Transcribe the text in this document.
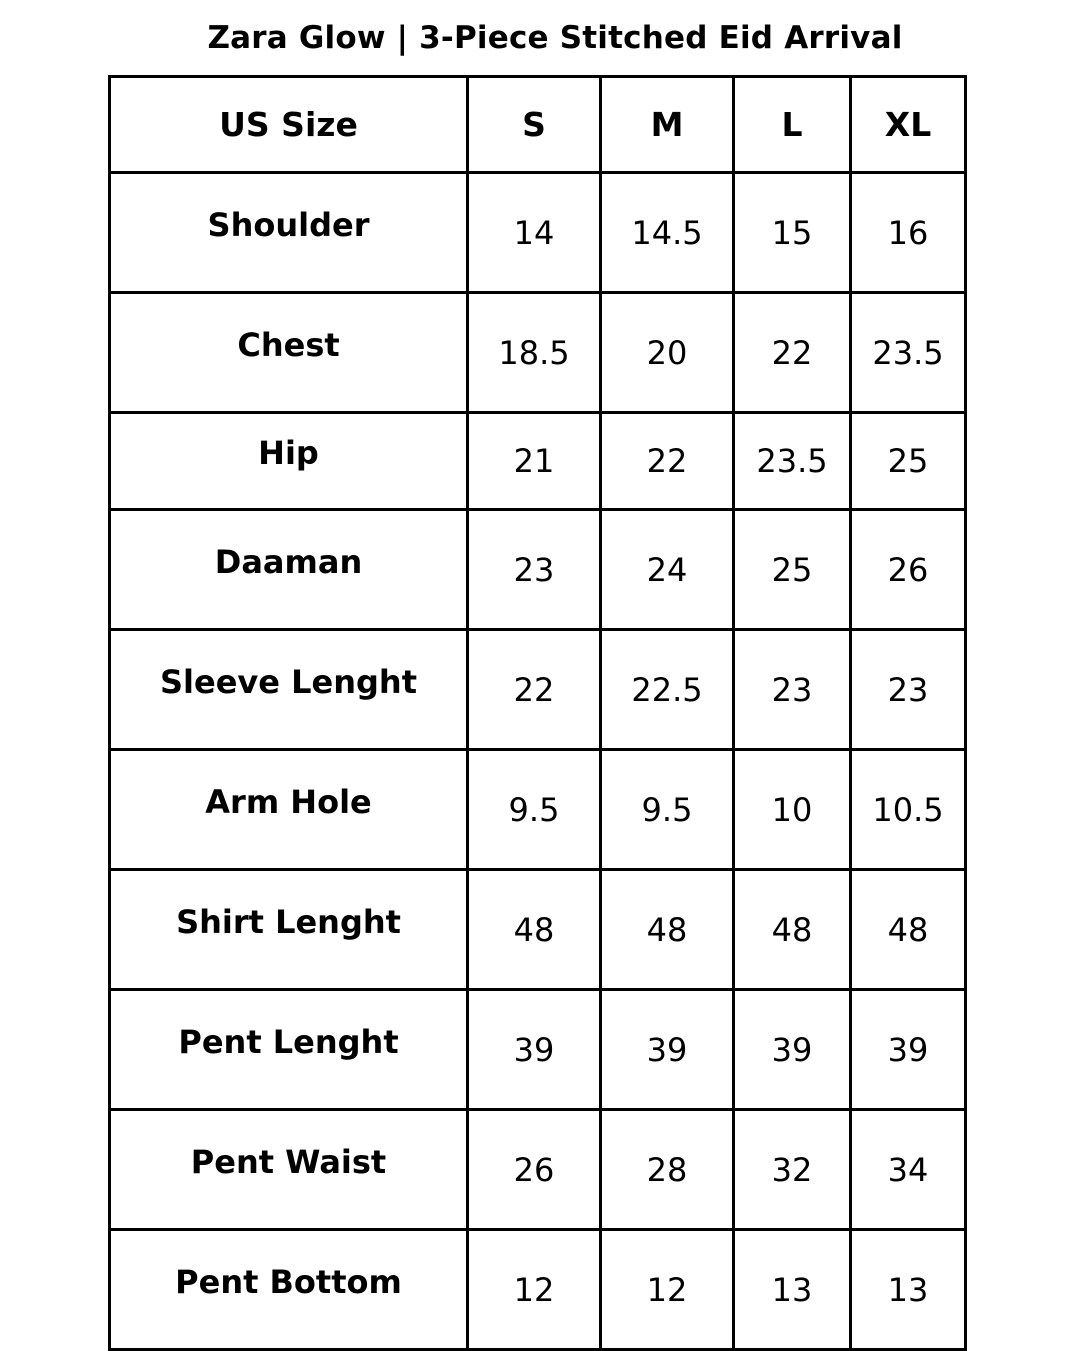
Zara Glow | 3-Piece Stitched Eid Arrival
US Size	S	M	L	XL
Shoulder	14	14.5	15	16
Chest	18.5	20	22	23.5
Hip	21	22	23.5	25
Daaman	23	24	25	26
Sleeve Lenght	22	22.5	23	23
Arm Hole	9.5	9.5	10	10.5
Shirt Lenght	48	48	48	48
Pent Lenght	39	39	39	39
Pent Waist	26	28	32	34
Pent Bottom	12	12	13	13
